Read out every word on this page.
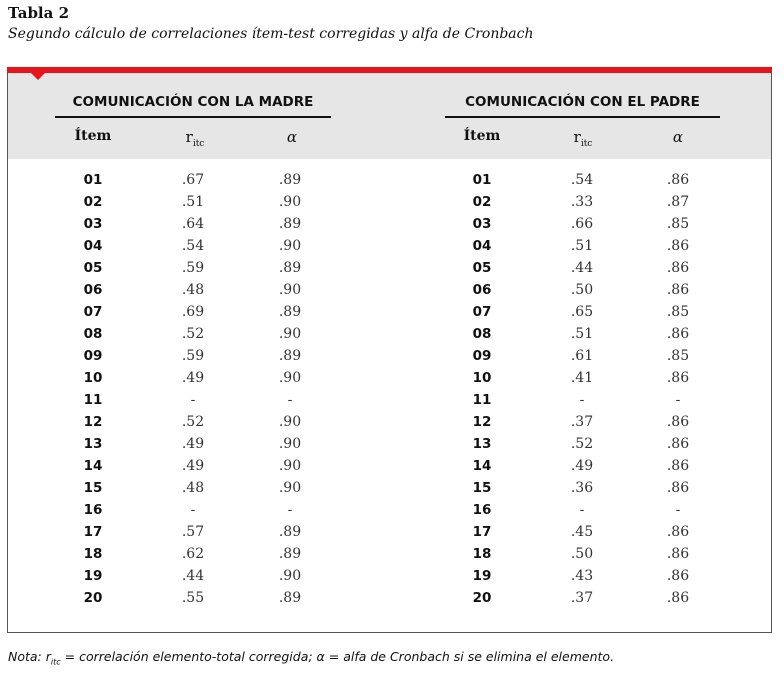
Tabla 2
Segundo cálculo de correlaciones ítem-test corregidas y alfa de Cronbach
COMUNICACIÓN CON LA MADRE	COMUNICACIÓN CON EL PADRE
Ítem	$r_{itc}$	α	Ítem	$r_{itc}$	α
01	.67	.89
02	.51	.90
03	.64	.89
04	.54	.90
05	.59	.89
06	.48	.90
07	.69	.89
08	.52	.90
09	.59	.89
10	.49	.90
11	-	-
12	.52	.90
13	.49	.90
14	.49	.90
15	.48	.90
16	-	-
17	.57	.89
18	.62	.89
19	.44	.90
20	.55	.89
01	.54	.86
02	.33	.87
03	.66	.85
04	.51	.86
05	.44	.86
06	.50	.86
07	.65	.85
08	.51	.86
09	.61	.85
10	.41	.86
11	-	-
12	.37	.86
13	.52	.86
14	.49	.86
15	.36	.86
16	-	-
17	.45	.86
18	.50	.86
19	.43	.86
20	.37	.86
Nota: $r_{itc}$ = correlación elemento-total corregida; α = alfa de Cronbach si se elimina el elemento.
